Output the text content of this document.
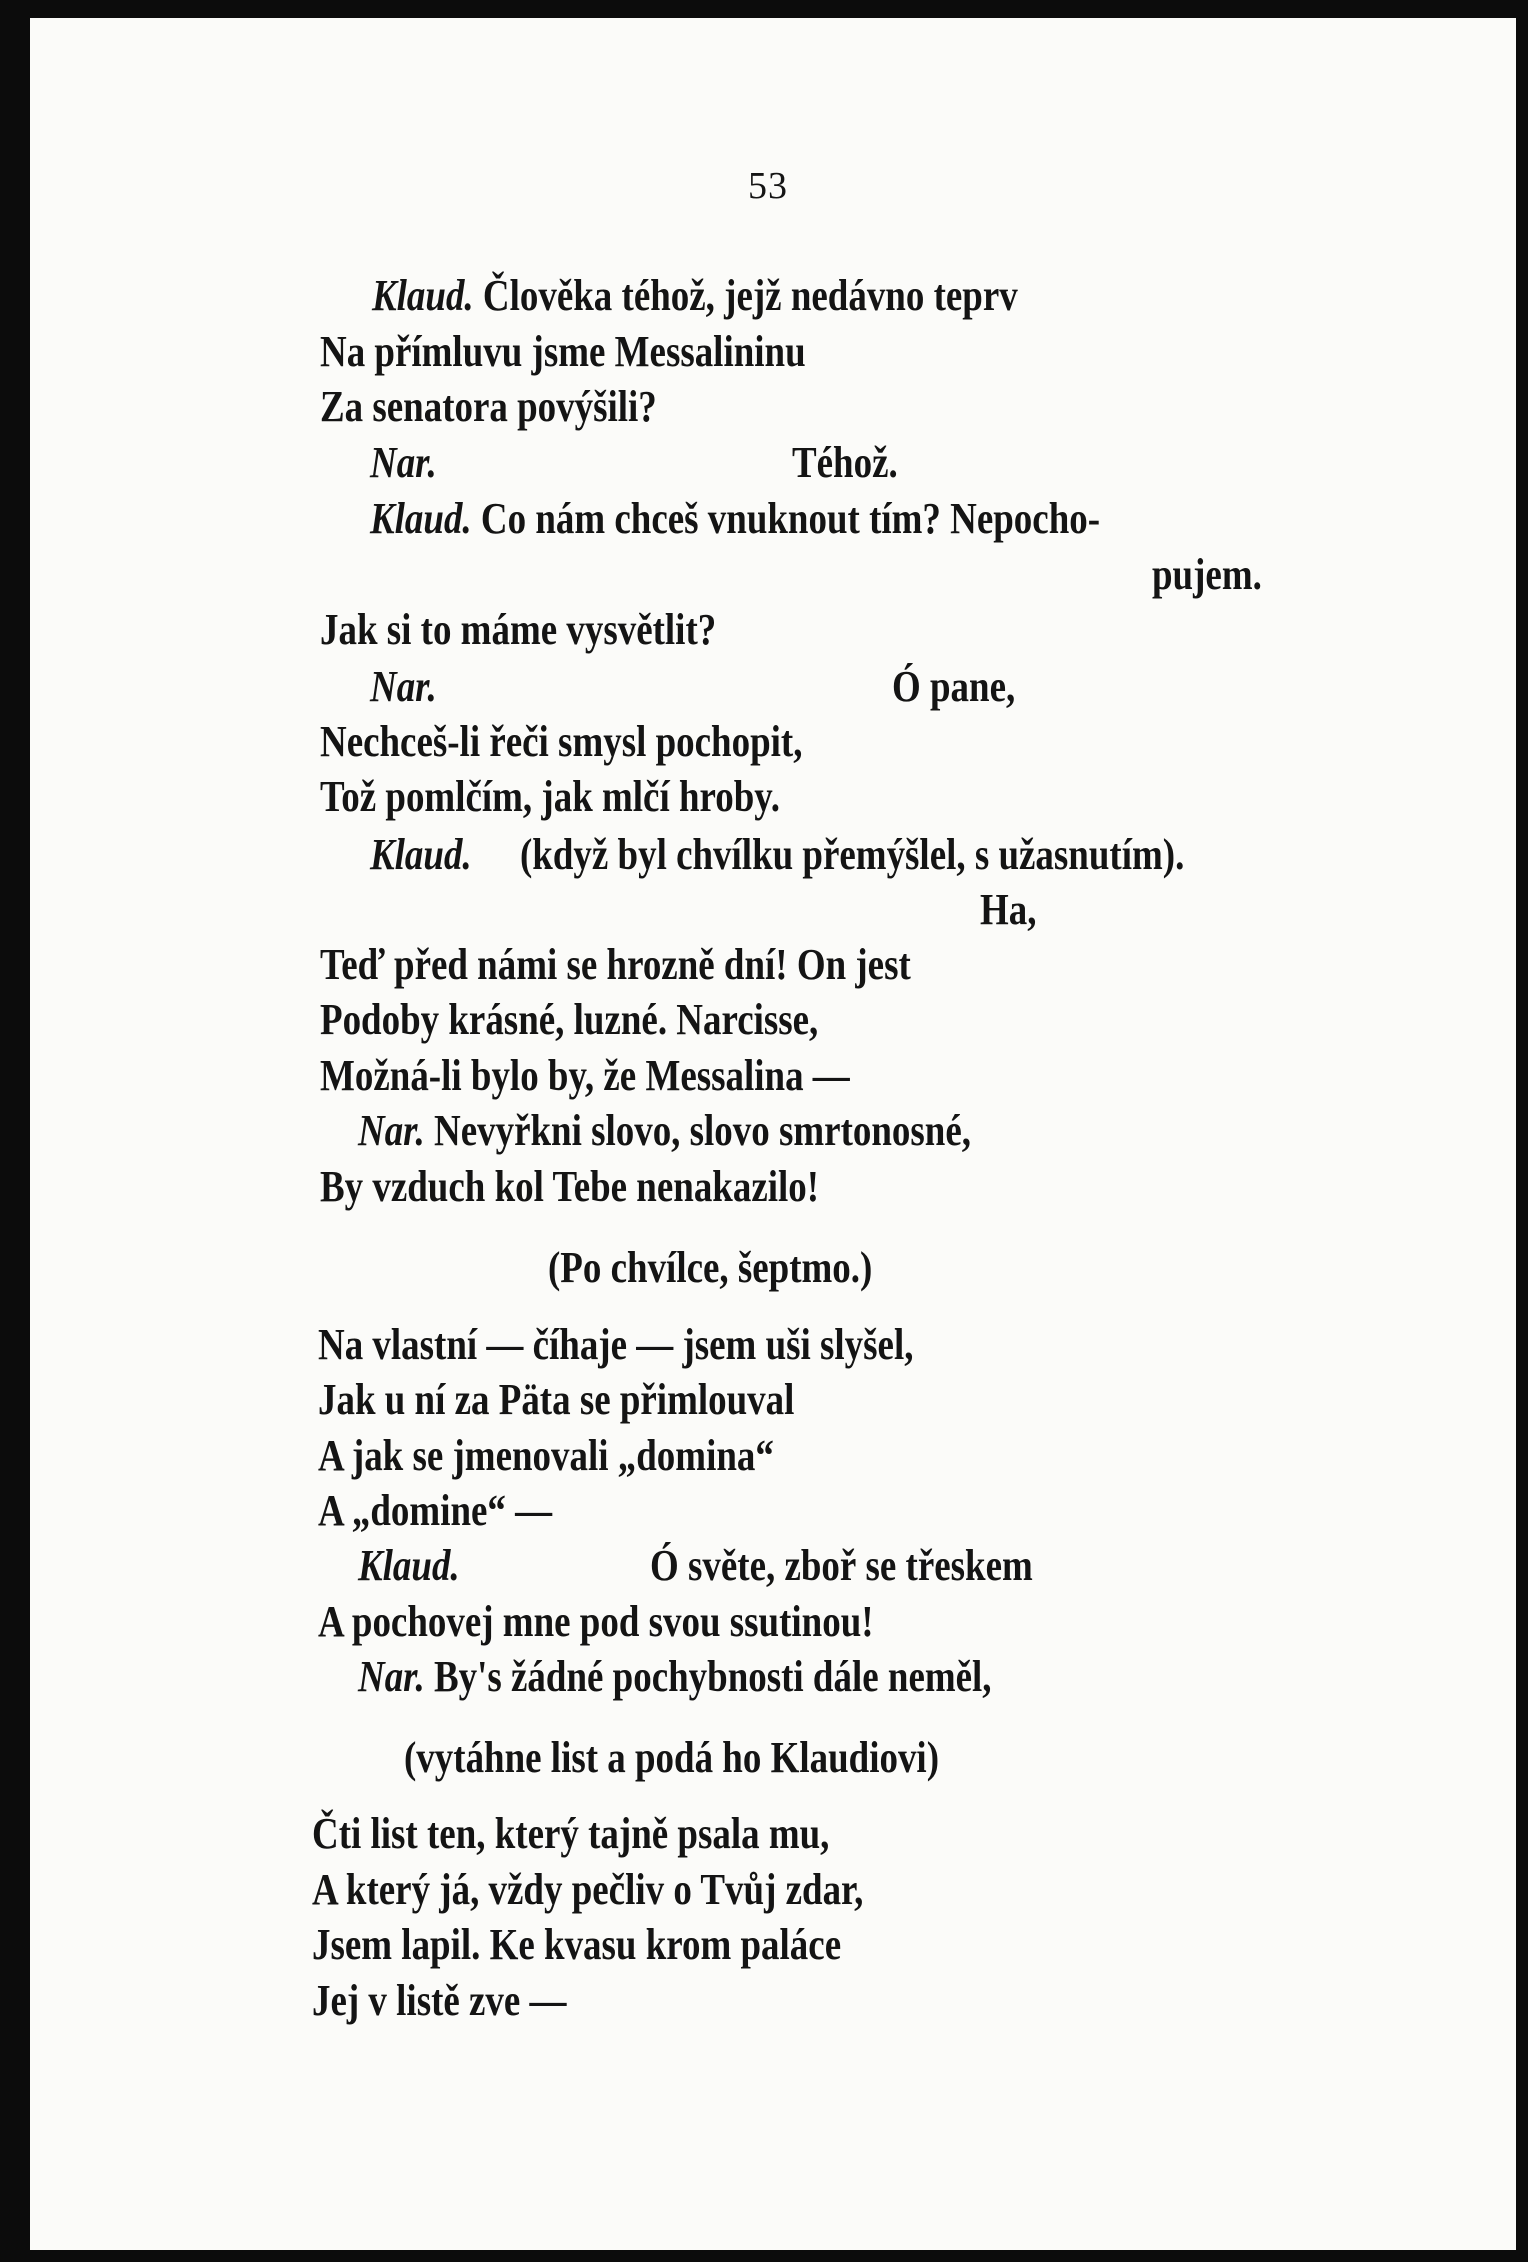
53
Klaud. Člověka téhož, jejž nedávno teprv
Na přímluvu jsme Messalininu
Za senatora povýšili?
Nar.	Téhož.
Klaud. Co nám chceš vnuknout tím? Nepocho-
pujem.
Jak si to máme vysvětlit?
Nar.	Ó pane,
Nechceš-li řeči smysl pochopit,
Tož pomlčím, jak mlčí hroby.
Klaud. (když byl chvílku přemýšlel, s užasnutím).
Ha,
Teď před námi se hrozně dní! On jest
Podoby krásné, luzné. Narcisse,
Možná-li bylo by, že Messalina —
Nar. Nevyřkni slovo, slovo smrtonosné,
By vzduch kol Tebe nenakazilo!
(Po chvílce, šeptmo.)
Na vlastní — číhaje — jsem uši slyšel,
Jak u ní za Päta se přimlouval
A jak se jmenovali „domina“
A „domine“ —
Klaud.	Ó světe, zboř se třeskem
A pochovej mne pod svou ssutinou!
Nar. By's žádné pochybnosti dále neměl,
(vytáhne list a podá ho Klaudiovi)
Čti list ten, který tajně psala mu,
A který já, vždy pečliv o Tvůj zdar,
Jsem lapil. Ke kvasu krom paláce
Jej v listě zve —
